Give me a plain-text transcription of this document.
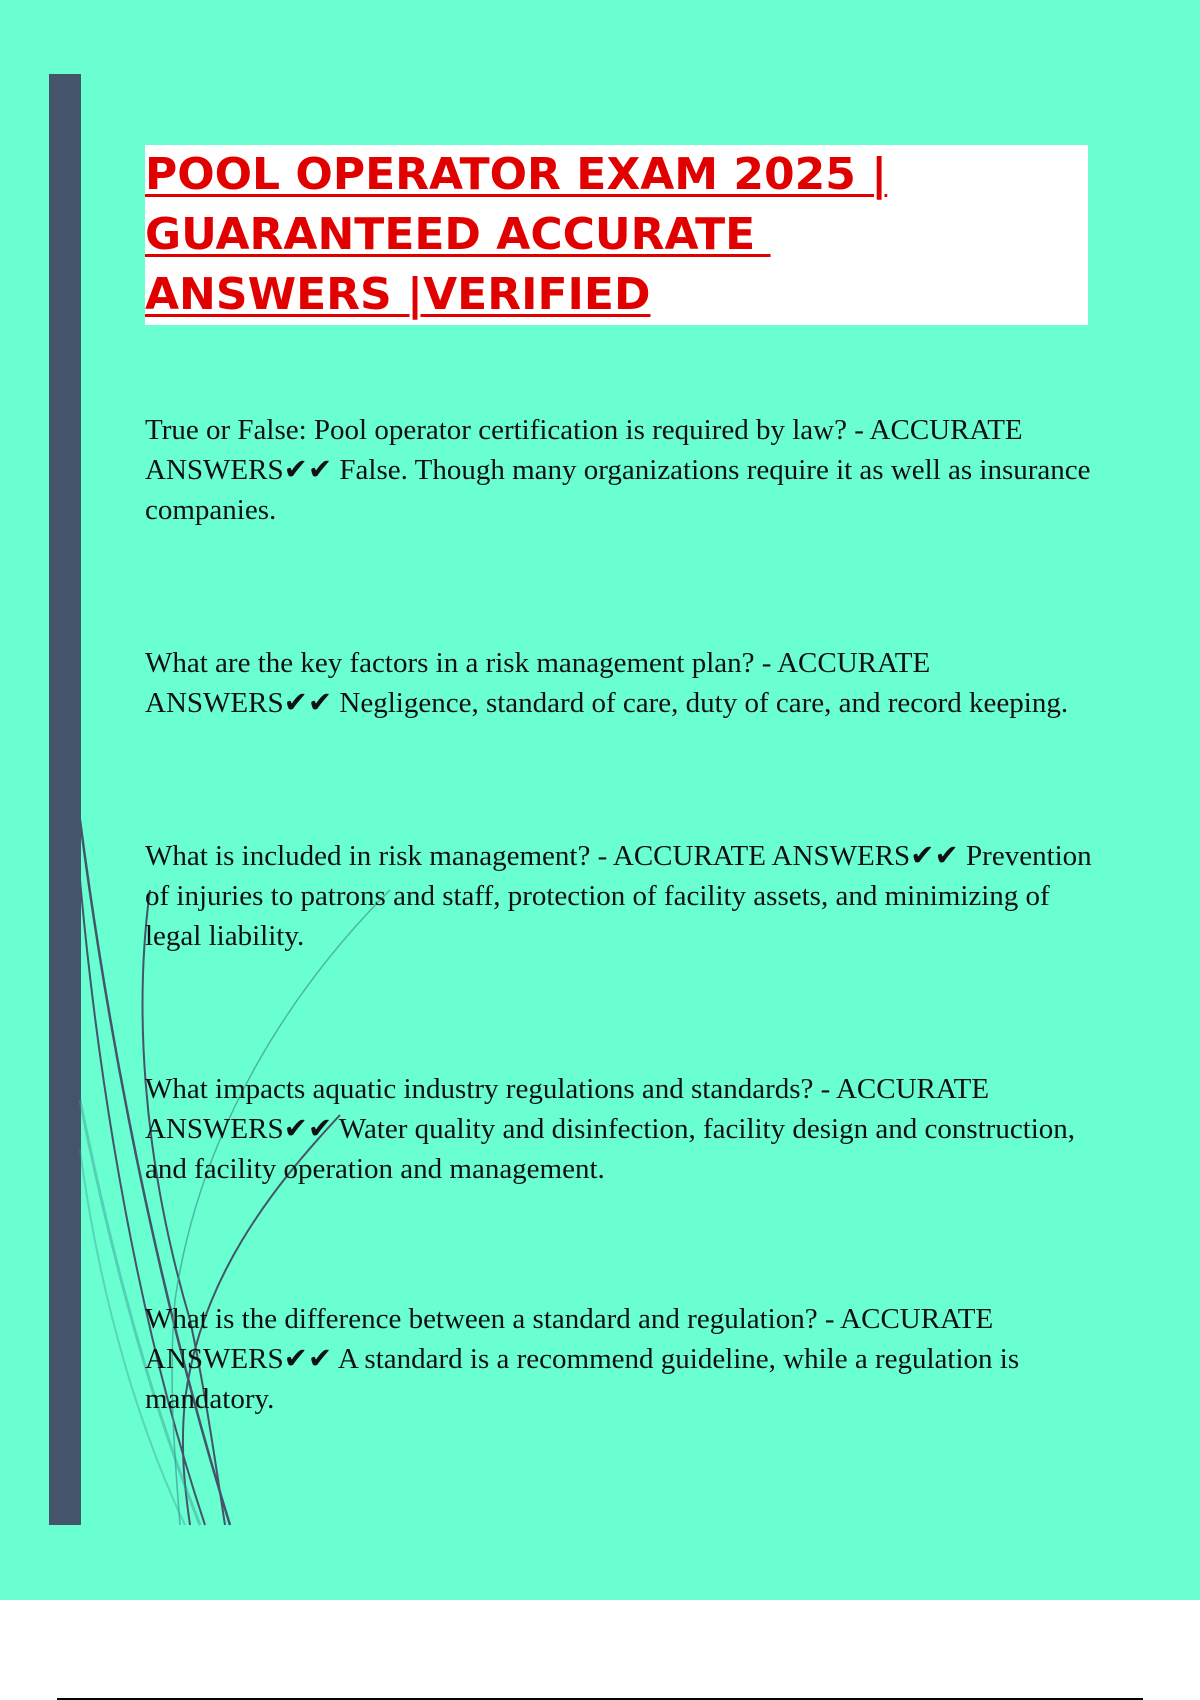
POOL OPERATOR EXAM 2025 |
GUARANTEED ACCURATE
ANSWERS |VERIFIED

True or False: Pool operator certification is required by law? - ACCURATE ANSWERS✔✔ False. Though many organizations require it as well as insurance companies.

What are the key factors in a risk management plan? - ACCURATE ANSWERS✔✔ Negligence, standard of care, duty of care, and record keeping.

What is included in risk management? - ACCURATE ANSWERS✔✔ Prevention of injuries to patrons and staff, protection of facility assets, and minimizing of legal liability.

What impacts aquatic industry regulations and standards? - ACCURATE ANSWERS✔✔ Water quality and disinfection, facility design and construction, and facility operation and management.

What is the difference between a standard and regulation? - ACCURATE ANSWERS✔✔ A standard is a recommend guideline, while a regulation is mandatory.
